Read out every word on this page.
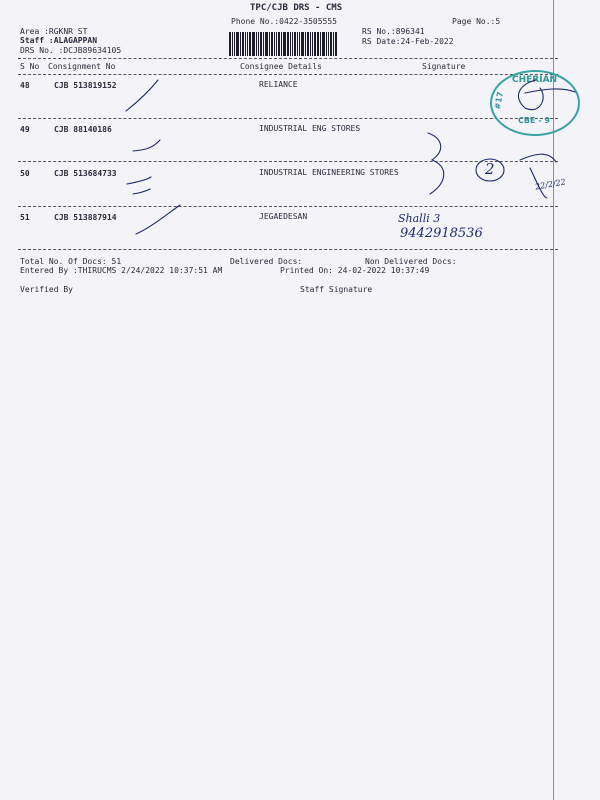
TPC/CJB DRS - CMS
Phone No.:0422-3505555	Page No.:5
Area :RGKNR ST
Staff :ALAGAPPAN
DRS No. :DCJB89634105
RS No.:896341
RS Date:24-Feb-2022
S No Consignment No	Consignee Details	Signature
48	CJB 513819152	RELIANCE
49	CJB 88140186	INDUSTRIAL ENG STORES
50	CJB 513684733	INDUSTRIAL ENGINEERING STORES
51	CJB 513887914	JEGAEDESAN
Total No. Of Docs: 51	Delivered Docs:	Non Delivered Docs:
Entered By :THIRUCMS 2/24/2022 10:37:51 AM	Printed On: 24-02-2022 10:37:49
Verified By	Staff Signature
CHERIAN
#17
CBE - 9
2
22/2/22
Shalli 3
9442918536
